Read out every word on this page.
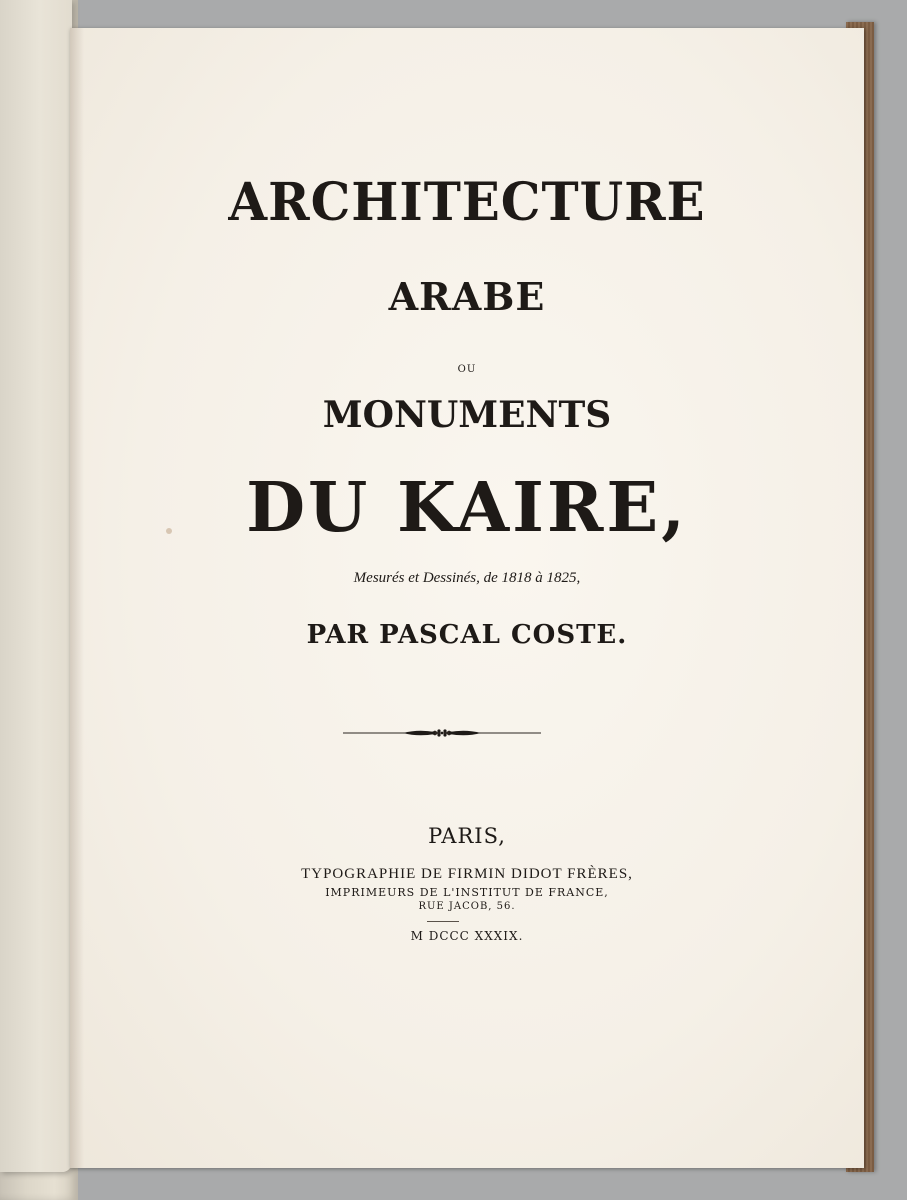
ARCHITECTURE
ARABE
OU
MONUMENTS
DU KAIRE,
Mesurés et Dessinés, de 1818 à 1825,
PAR PASCAL COSTE.
PARIS,
TYPOGRAPHIE DE FIRMIN DIDOT FRÈRES,
IMPRIMEURS DE L'INSTITUT DE FRANCE,
RUE JACOB, 56.
M DCCC XXXIX.
